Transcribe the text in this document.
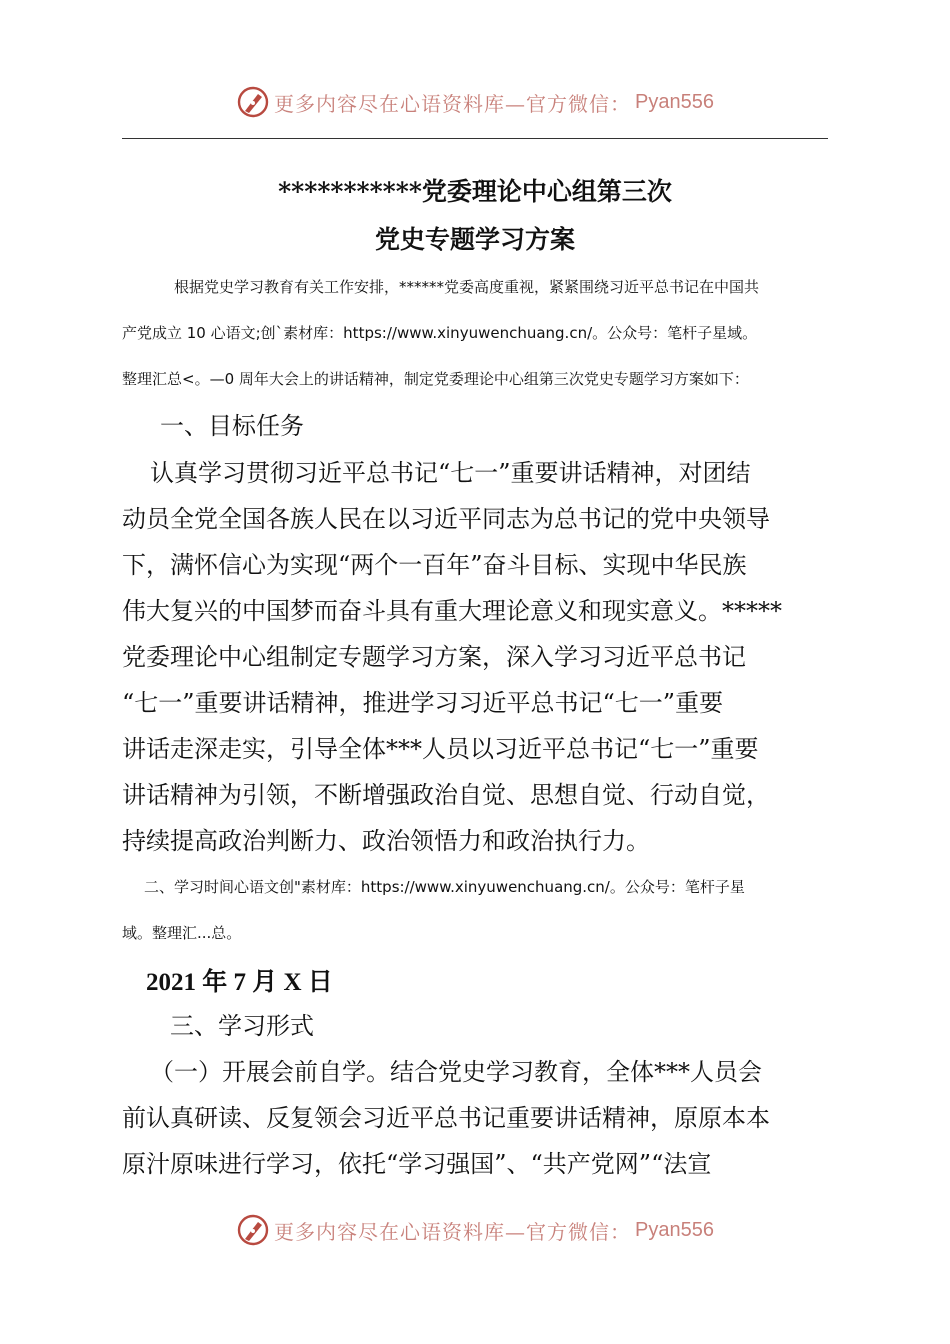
更多内容尽在心语资料库—官方微信： Pyan556
***********党委理论中心组第三次
党史专题学习方案
根据党史学习教育有关工作安排，******党委高度重视，紧紧围绕习近平总书记在中国共
产党成立 10 心语文;创`素材库：https://www.xinyuwenchuang.cn/。公众号：笔杆子星域。
整理汇总<。—0 周年大会上的讲话精神，制定党委理论中心组第三次党史专题学习方案如下：
一、目标任务
认真学习贯彻习近平总书记“七一”重要讲话精神，对团结
动员全党全国各族人民在以习近平同志为总书记的党中央领导
下，满怀信心为实现“两个一百年”奋斗目标、实现中华民族
伟大复兴的中国梦而奋斗具有重大理论意义和现实意义。*****
党委理论中心组制定专题学习方案，深入学习习近平总书记
“七一”重要讲话精神，推进学习习近平总书记“七一”重要
讲话走深走实，引导全体***人员以习近平总书记“七一”重要
讲话精神为引领，不断增强政治自觉、思想自觉、行动自觉，
持续提高政治判断力、政治领悟力和政治执行力。
二、学习时间心语文创"素材库：https://www.xinyuwenchuang.cn/。公众号：笔杆子星
域。整理汇...总。
2021 年 7 月 X 日
三、学习形式
（一）开展会前自学。结合党史学习教育，全体***人员会
前认真研读、反复领会习近平总书记重要讲话精神，原原本本
原汁原味进行学习，依托“学习强国”、“共产党网”“法宣
更多内容尽在心语资料库—官方微信： Pyan556
